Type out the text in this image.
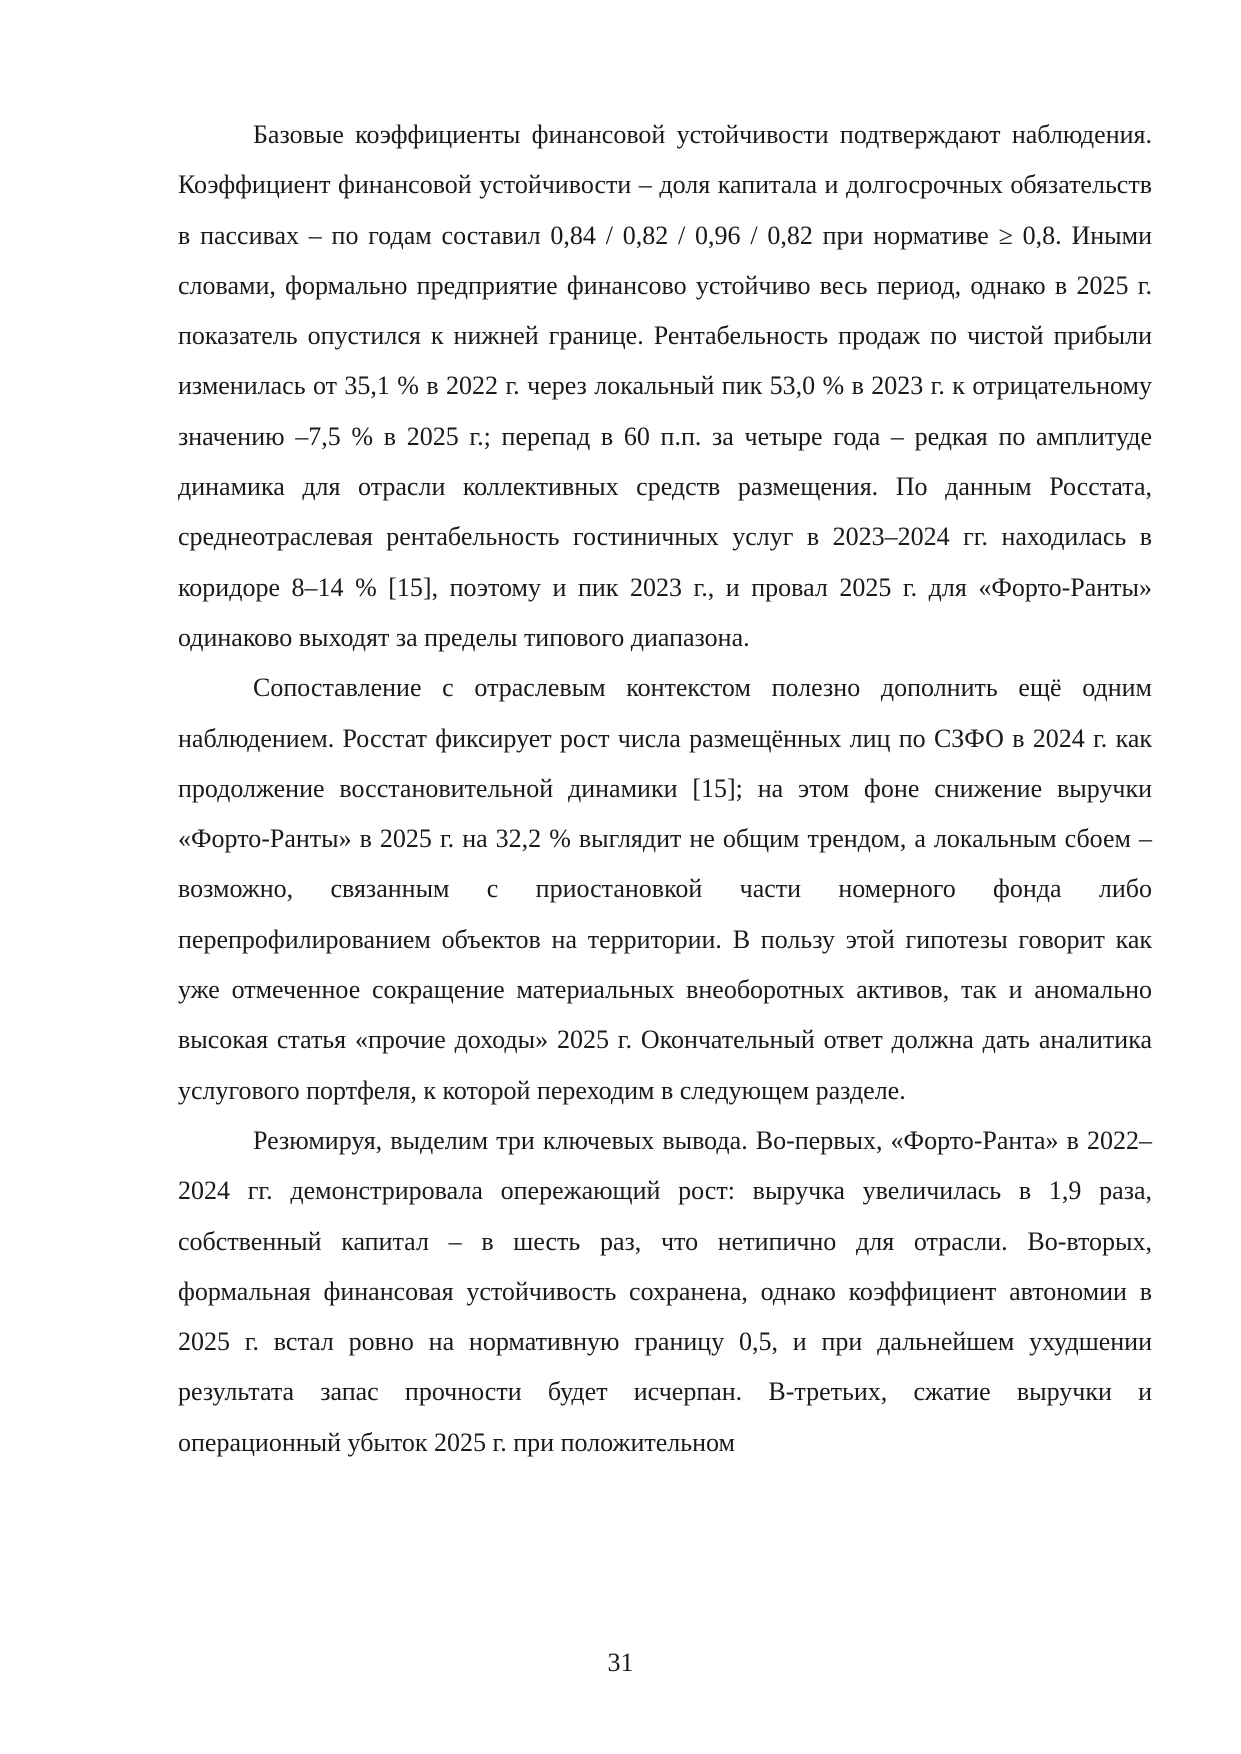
Базовые коэффициенты финансовой устойчивости подтверждают наблюдения. Коэффициент финансовой устойчивости – доля капитала и долгосрочных обязательств в пассивах – по годам составил 0,84 / 0,82 / 0,96 / 0,82 при нормативе ≥ 0,8. Иными словами, формально предприятие финансово устойчиво весь период, однако в 2025 г. показатель опустился к нижней границе. Рентабельность продаж по чистой прибыли изменилась от 35,1 % в 2022 г. через локальный пик 53,0 % в 2023 г. к отрицательному значению –7,5 % в 2025 г.; перепад в 60 п.п. за четыре года – редкая по амплитуде динамика для отрасли коллективных средств размещения. По данным Росстата, среднеотраслевая рентабельность гостиничных услуг в 2023–2024 гг. находилась в коридоре 8–14 % [15], поэтому и пик 2023 г., и провал 2025 г. для «Форто-Ранты» одинаково выходят за пределы типового диапазона.

Сопоставление с отраслевым контекстом полезно дополнить ещё одним наблюдением. Росстат фиксирует рост числа размещённых лиц по СЗФО в 2024 г. как продолжение восстановительной динамики [15]; на этом фоне снижение выручки «Форто-Ранты» в 2025 г. на 32,2 % выглядит не общим трендом, а локальным сбоем – возможно, связанным с приостановкой части номерного фонда либо перепрофилированием объектов на территории. В пользу этой гипотезы говорит как уже отмеченное сокращение материальных внеоборотных активов, так и аномально высокая статья «прочие доходы» 2025 г. Окончательный ответ должна дать аналитика услугового портфеля, к которой переходим в следующем разделе.

Резюмируя, выделим три ключевых вывода. Во-первых, «Форто-Ранта» в 2022–2024 гг. демонстрировала опережающий рост: выручка увеличилась в 1,9 раза, собственный капитал – в шесть раз, что нетипично для отрасли. Во-вторых, формальная финансовая устойчивость сохранена, однако коэффициент автономии в 2025 г. встал ровно на нормативную границу 0,5, и при дальнейшем ухудшении результата запас прочности будет исчерпан. В-третьих, сжатие выручки и операционный убыток 2025 г. при положительном

31
